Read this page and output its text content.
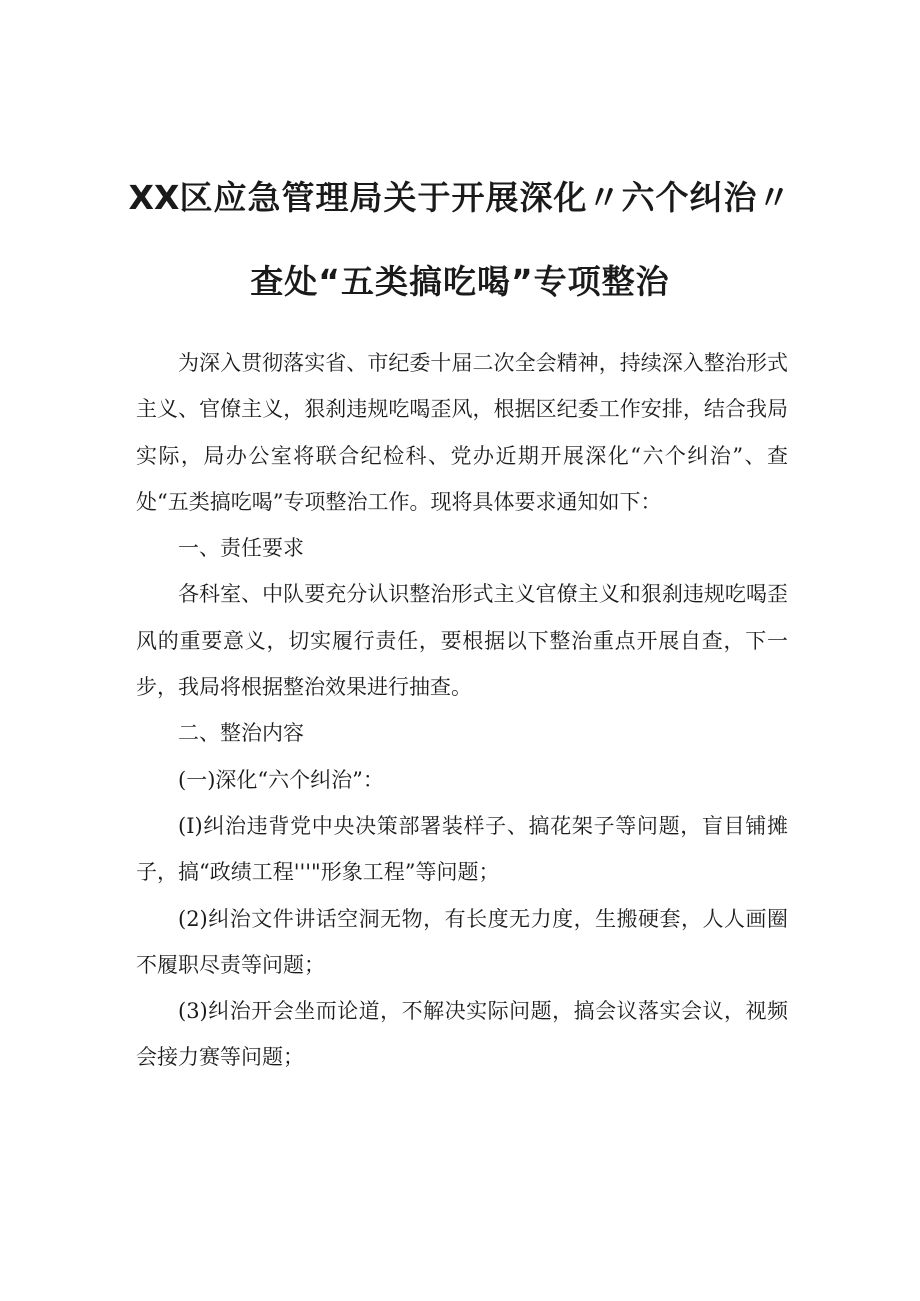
XX区应急管理局关于开展深化〃六个纠治〃
查处“五类搞吃喝”专项整治

为深入贯彻落实省、市纪委十届二次全会精神，持续深入整治形式主义、官僚主义，狠刹违规吃喝歪风，根据区纪委工作安排，结合我局实际，局办公室将联合纪检科、党办近期开展深化“六个纠治”、查处“五类搞吃喝”专项整治工作。现将具体要求通知如下：

一、责任要求

各科室、中队要充分认识整治形式主义官僚主义和狠刹违规吃喝歪风的重要意义，切实履行责任，要根据以下整治重点开展自查，下一步，我局将根据整治效果进行抽查。

二、整治内容

(一)深化“六个纠治”：

(I)纠治违背党中央决策部署装样子、搞花架子等问题，盲目铺摊子，搞“政绩工程'''"形象工程”等问题；

(2)纠治文件讲话空洞无物，有长度无力度，生搬硬套，人人画圈不履职尽责等问题；

(3)纠治开会坐而论道，不解决实际问题，搞会议落实会议，视频会接力赛等问题；
